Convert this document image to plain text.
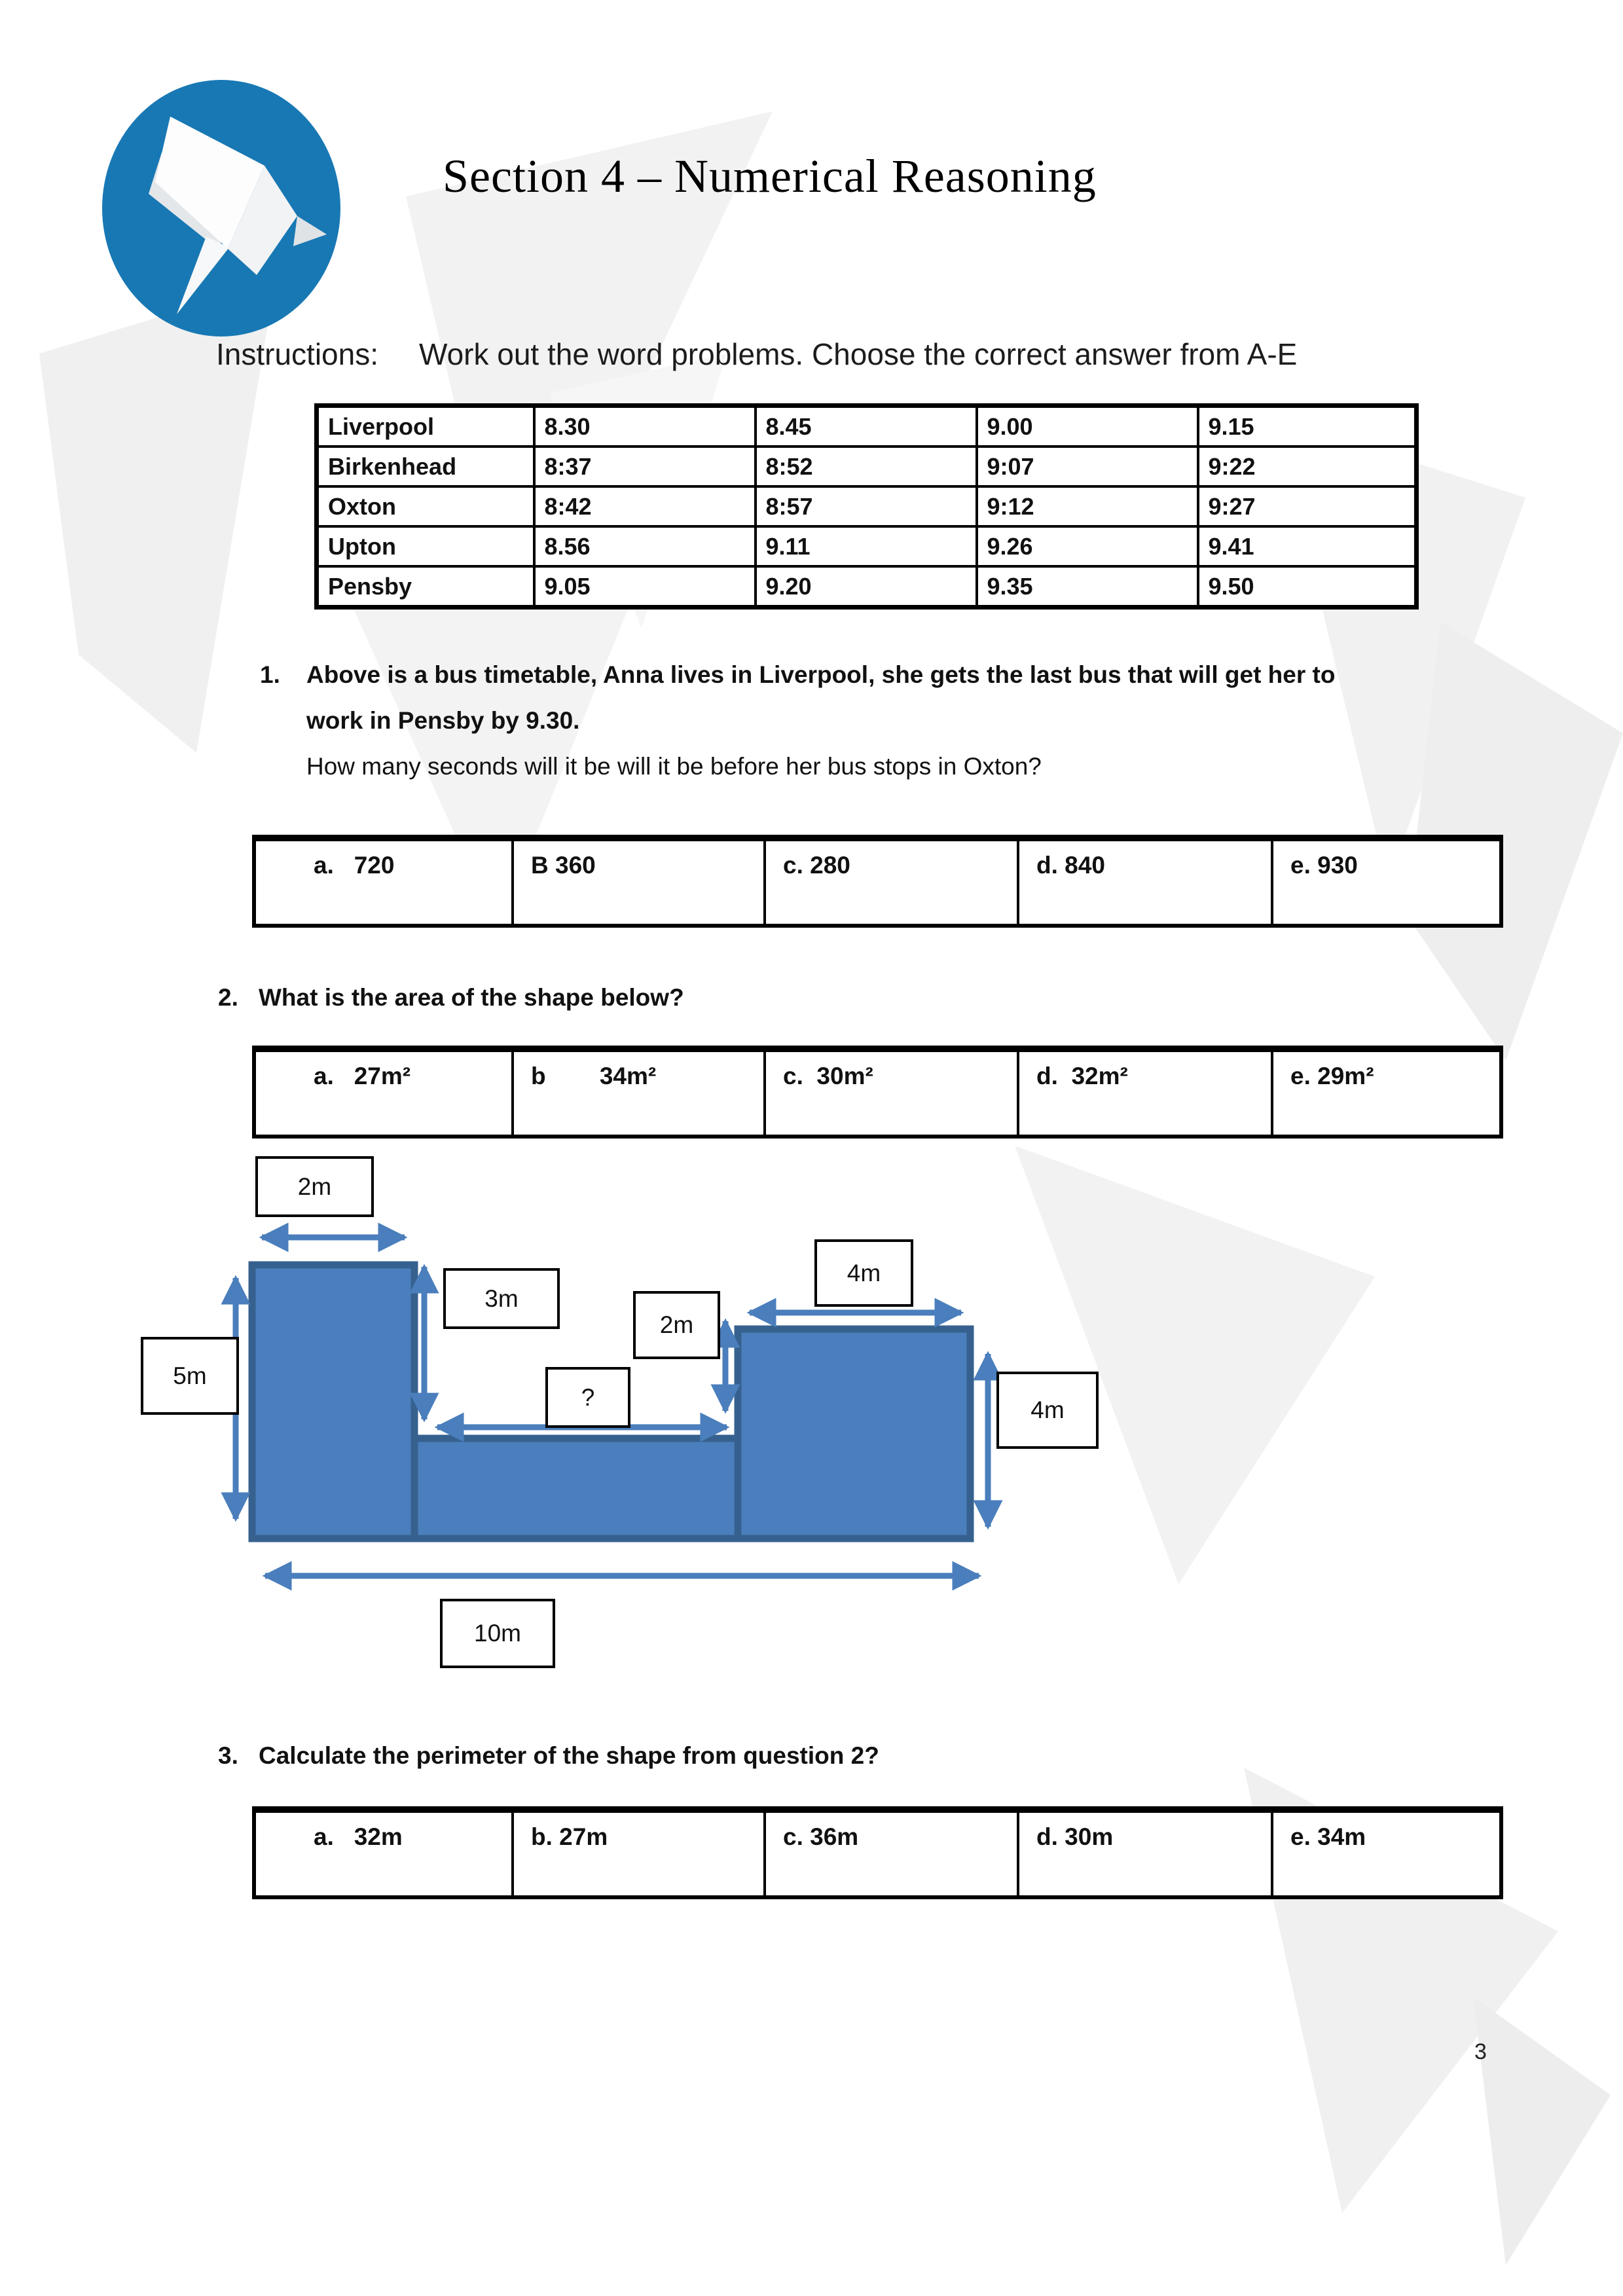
Section 4 – Numerical Reasoning
Instructions: Work out the word problems. Choose the correct answer from A-E
Liverpool	8.30	8.45	9.00	9.15
Birkenhead	8:37	8:52	9:07	9:22
Oxton	8:42	8:57	9:12	9:27
Upton	8.56	9.11	9.26	9.41
Pensby	9.05	9.20	9.35	9.50
1. Above is a bus timetable, Anna lives in Liverpool, she gets the last bus that will get her to
work in Pensby by 9.30.
How many seconds will it be will it be before her bus stops in Oxton?
a.   720	B 360	c. 280	d. 840	e. 930
2. What is the area of the shape below?
a.   27m²	b        34m²	c.  30m²	d.  32m²	e. 29m²
2m
3m
2m
?
4m
5m
4m
10m
3. Calculate the perimeter of the shape from question 2?
a.   32m	b. 27m	c. 36m	d. 30m	e. 34m
3
